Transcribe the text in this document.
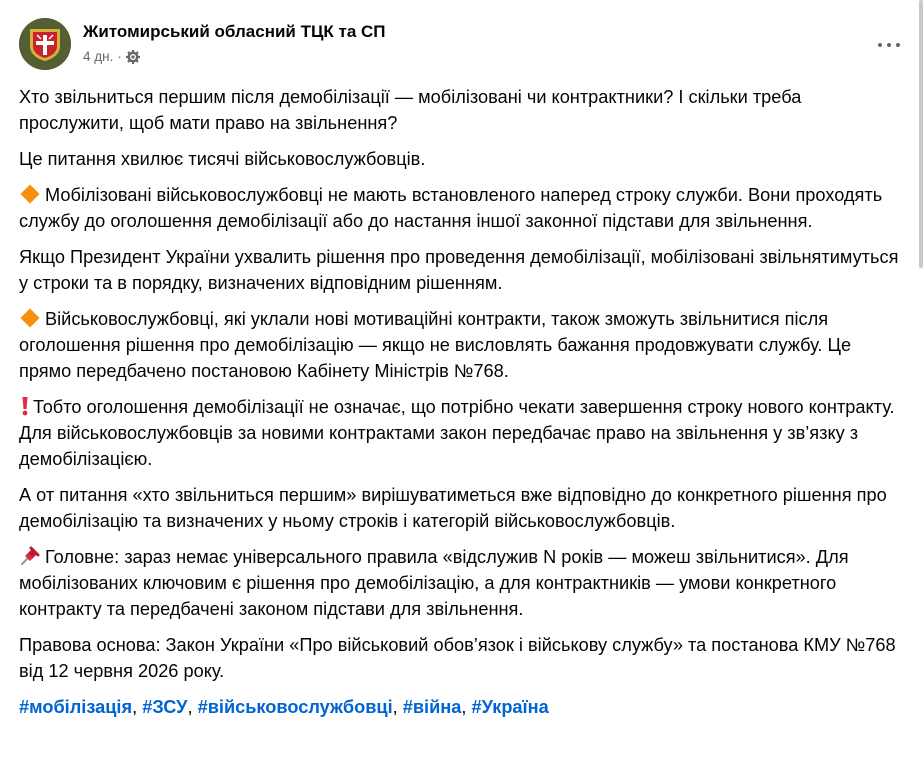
Житомирський обласний ТЦК та СП
4 дн. ·

Хто звільниться першим після демобілізації — мобілізовані чи контрактники? І скільки треба прослужити, щоб мати право на звільнення?

Це питання хвилює тисячі військовослужбовців.

Мобілізовані військовослужбовці не мають встановленого наперед строку служби. Вони проходять службу до оголошення демобілізації або до настання іншої законної підстави для звільнення.

Якщо Президент України ухвалить рішення про проведення демобілізації, мобілізовані звільнятимуться у строки та в порядку, визначених відповідним рішенням.

Військовослужбовці, які уклали нові мотиваційні контракти, також зможуть звільнитися після оголошення рішення про демобілізацію — якщо не висловлять бажання продовжувати службу. Це прямо передбачено постановою Кабінету Міністрів №768.

Тобто оголошення демобілізації не означає, що потрібно чекати завершення строку нового контракту. Для військовослужбовців за новими контрактами закон передбачає право на звільнення у зв’язку з демобілізацією.

А от питання «хто звільниться першим» вирішуватиметься вже відповідно до конкретного рішення про демобілізацію та визначених у ньому строків і категорій військовослужбовців.

Головне: зараз немає універсального правила «відслужив N років — можеш звільнитися». Для мобілізованих ключовим є рішення про демобілізацію, а для контрактників — умови конкретного контракту та передбачені законом підстави для звільнення.

Правова основа: Закон України «Про військовий обов’язок і військову службу» та постанова КМУ №768 від 12 червня 2026 року.

#мобілізація, #ЗСУ, #військовослужбовці, #війна, #Україна
